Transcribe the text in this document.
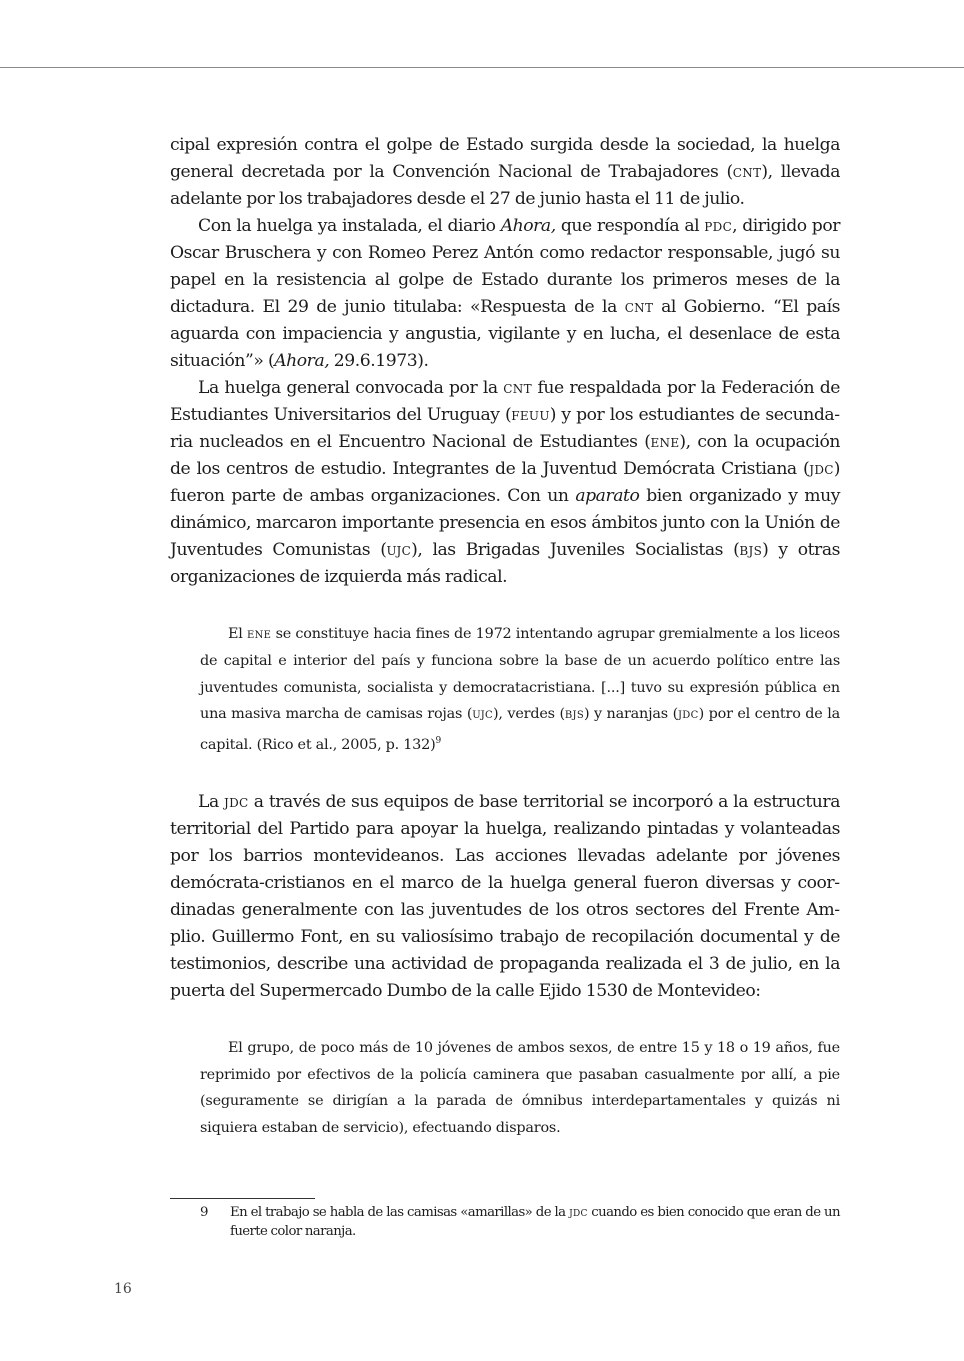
cipal expresión contra el golpe de Estado surgida desde la sociedad, la huelga general decretada por la Convención Nacional de Trabajadores (cnt), llevada adelante por los trabajadores desde el 27 de junio hasta el 11 de julio.

Con la huelga ya instalada, el diario Ahora, que respondía al pdc, dirigido por Oscar Bruschera y con Romeo Perez Antón como redactor responsable, jugó su papel en la resistencia al golpe de Estado durante los primeros meses de la dictadura. El 29 de junio titulaba: «Respuesta de la cnt al Gobierno. “El país aguarda con impaciencia y angustia, vigilante y en lucha, el desenlace de esta situación”» (Ahora, 29.6.1973).

La huelga general convocada por la cnt fue respaldada por la Federación de Estudiantes Universitarios del Uruguay (feuu) y por los estudiantes de secundaria nucleados en el Encuentro Nacional de Estudiantes (ene), con la ocupación de los centros de estudio. Integrantes de la Juventud Demócrata Cristiana (jdc) fueron parte de ambas organizaciones. Con un aparato bien organizado y muy dinámico, marcaron importante presencia en esos ámbitos junto con la Unión de Juventudes Comunistas (ujc), las Brigadas Juveniles Socialistas (bjs) y otras organizaciones de izquierda más radical.

El ene se constituye hacia fines de 1972 intentando agrupar gremialmente a los liceos de capital e interior del país y funciona sobre la base de un acuerdo político entre las juventudes comunista, socialista y democratacristiana. [...] tuvo su expresión pública en una masiva marcha de camisas rojas (ujc), verdes (bjs) y naranjas (jdc) por el centro de la capital. (Rico et al., 2005, p. 132)$^9$

La jdc a través de sus equipos de base territorial se incorporó a la estructura territorial del Partido para apoyar la huelga, realizando pintadas y volanteadas por los barrios montevideanos. Las acciones llevadas adelante por jóvenes demócrata-cristianos en el marco de la huelga general fueron diversas y coordinadas generalmente con las juventudes de los otros sectores del Frente Amplio. Guillermo Font, en su valiosísimo trabajo de recopilación documental y de testimonios, describe una actividad de propaganda realizada el 3 de julio, en la puerta del Supermercado Dumbo de la calle Ejido 1530 de Montevideo:

El grupo, de poco más de 10 jóvenes de ambos sexos, de entre 15 y 18 o 19 años, fue reprimido por efectivos de la policía caminera que pasaban casualmente por allí, a pie (seguramente se dirigían a la parada de ómnibus interdepartamentales y quizás ni siquiera estaban de servicio), efectuando disparos.

9 En el trabajo se habla de las camisas «amarillas» de la jdc cuando es bien conocido que eran de un fuerte color naranja.
16
